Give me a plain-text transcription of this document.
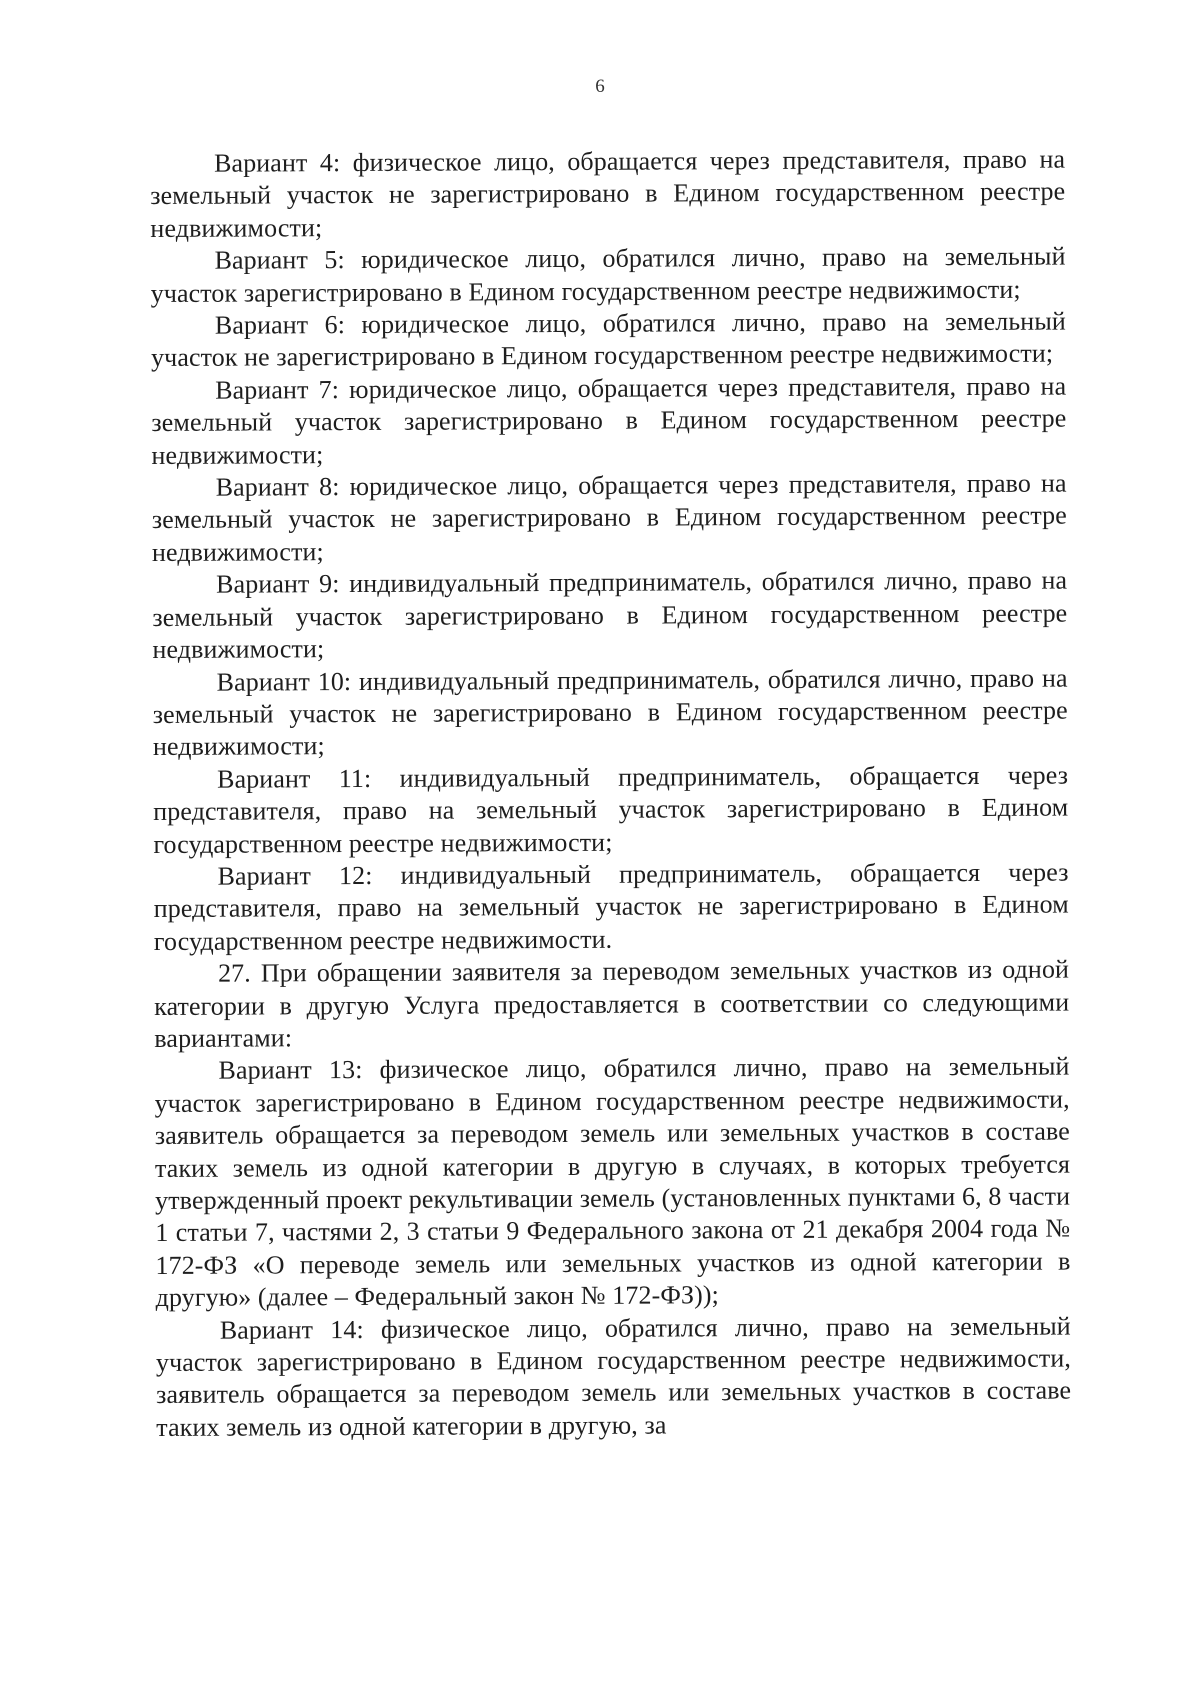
6

Вариант 4: физическое лицо, обращается через представителя, право на земельный участок не зарегистрировано в Едином государственном реестре недвижимости;

Вариант 5: юридическое лицо, обратился лично, право на земельный участок зарегистрировано в Едином государственном реестре недвижимости;

Вариант 6: юридическое лицо, обратился лично, право на земельный участок не зарегистрировано в Едином государственном реестре недвижимости;

Вариант 7: юридическое лицо, обращается через представителя, право на земельный участок зарегистрировано в Едином государственном реестре недвижимости;

Вариант 8: юридическое лицо, обращается через представителя, право на земельный участок не зарегистрировано в Едином государственном реестре недвижимости;

Вариант 9: индивидуальный предприниматель, обратился лично, право на земельный участок зарегистрировано в Едином государственном реестре недвижимости;

Вариант 10: индивидуальный предприниматель, обратился лично, право на земельный участок не зарегистрировано в Едином государственном реестре недвижимости;

Вариант 11: индивидуальный предприниматель, обращается через представителя, право на земельный участок зарегистрировано в Едином государственном реестре недвижимости;

Вариант 12: индивидуальный предприниматель, обращается через представителя, право на земельный участок не зарегистрировано в Едином государственном реестре недвижимости.

27. При обращении заявителя за переводом земельных участков из одной категории в другую Услуга предоставляется в соответствии со следующими вариантами:

Вариант 13: физическое лицо, обратился лично, право на земельный участок зарегистрировано в Едином государственном реестре недвижимости, заявитель обращается за переводом земель или земельных участков в составе таких земель из одной категории в другую в случаях, в которых требуется утвержденный проект рекультивации земель (установленных пунктами 6, 8 части 1 статьи 7, частями 2, 3 статьи 9 Федерального закона от 21 декабря 2004 года № 172-ФЗ «О переводе земель или земельных участков из одной категории в другую» (далее – Федеральный закон № 172-ФЗ));

Вариант 14: физическое лицо, обратился лично, право на земельный участок зарегистрировано в Едином государственном реестре недвижимости, заявитель обращается за переводом земель или земельных участков в составе таких земель из одной категории в другую, за
